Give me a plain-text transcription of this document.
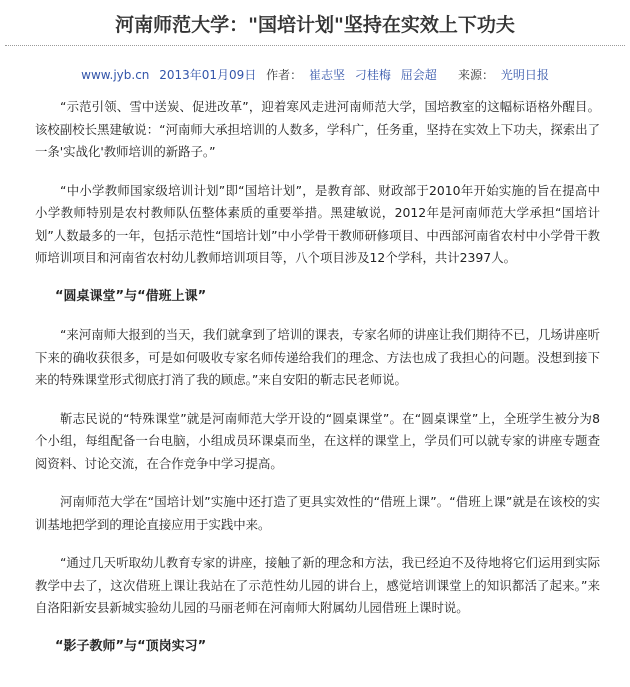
河南师范大学："国培计划"坚持在实效上下功夫
www.jyb.cn 2013年01月09日 作者： 崔志坚 刁桂梅 屈会超 来源： 光明日报

“示范引领、雪中送炭、促进改革”，迎着寒风走进河南师范大学，国培教室的这幅标语格外醒目。该校副校长黑建敏说：“河南师大承担培训的人数多，学科广，任务重，坚持在实效上下功夫，探索出了一条'实战化'教师培训的新路子。”

“中小学教师国家级培训计划”即“国培计划”，是教育部、财政部于2010年开始实施的旨在提高中小学教师特别是农村教师队伍整体素质的重要举措。黑建敏说，2012年是河南师范大学承担“国培计划”人数最多的一年，包括示范性“国培计划”中小学骨干教师研修项目、中西部河南省农村中小学骨干教师培训项目和河南省农村幼儿教师培训项目等，八个项目涉及12个学科，共计2397人。

“圆桌课堂”与“借班上课”

“来河南师大报到的当天，我们就拿到了培训的课表，专家名师的讲座让我们期待不已，几场讲座听下来的确收获很多，可是如何吸收专家名师传递给我们的理念、方法也成了我担心的问题。没想到接下来的特殊课堂形式彻底打消了我的顾虑。”来自安阳的靳志民老师说。

靳志民说的“特殊课堂”就是河南师范大学开设的“圆桌课堂”。在“圆桌课堂”上，全班学生被分为8个小组，每组配备一台电脑，小组成员环课桌而坐，在这样的课堂上，学员们可以就专家的讲座专题查阅资料、讨论交流，在合作竞争中学习提高。

河南师范大学在“国培计划”实施中还打造了更具实效性的“借班上课”。“借班上课”就是在该校的实训基地把学到的理论直接应用于实践中来。

“通过几天听取幼儿教育专家的讲座，接触了新的理念和方法，我已经迫不及待地将它们运用到实际教学中去了，这次借班上课让我站在了示范性幼儿园的讲台上，感觉培训课堂上的知识都活了起来。”来自洛阳新安县新城实验幼儿园的马丽老师在河南师大附属幼儿园借班上课时说。

“影子教师”与“顶岗实习”
